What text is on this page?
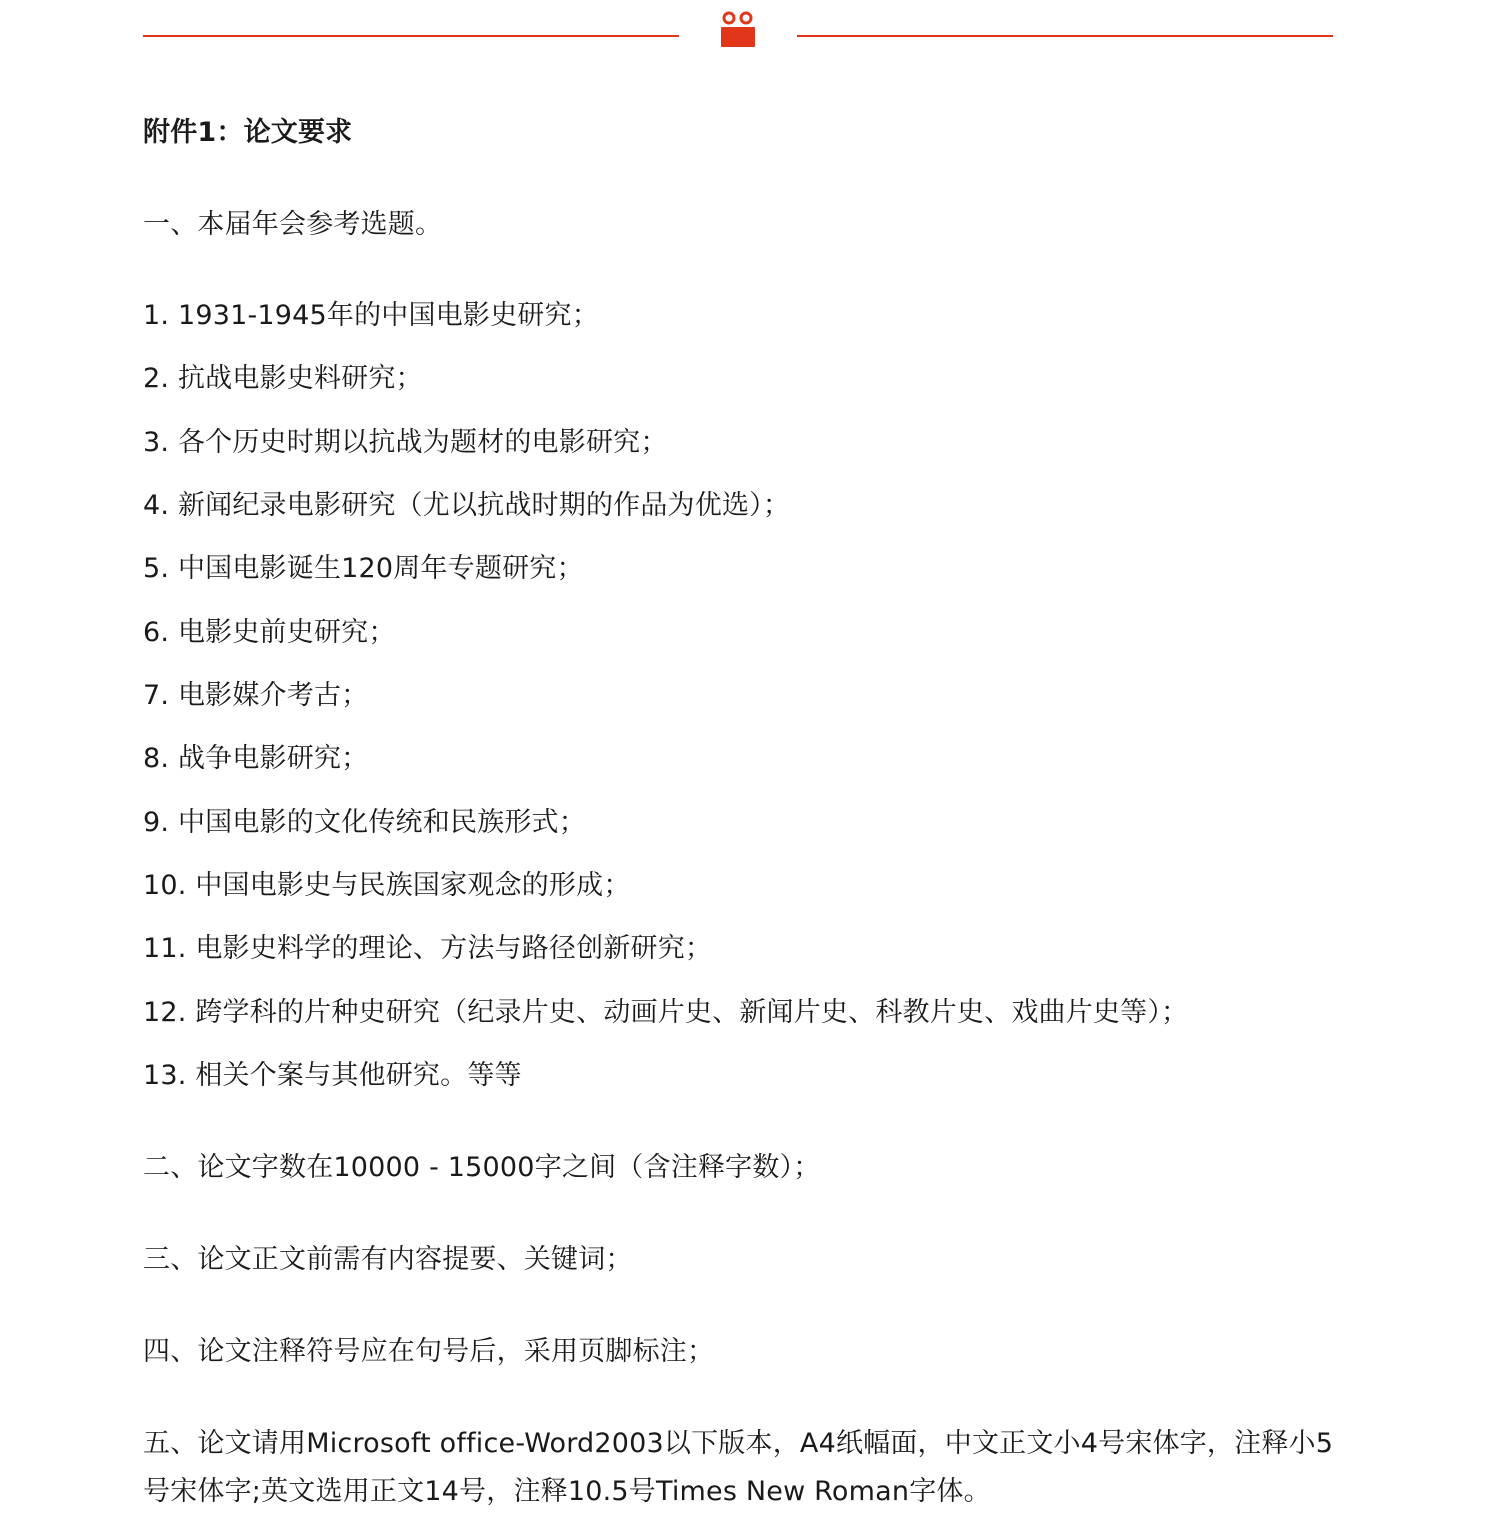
附件1：论文要求
一、本届年会参考选题。
1. 1931-1945年的中国电影史研究；
2. 抗战电影史料研究；
3. 各个历史时期以抗战为题材的电影研究；
4. 新闻纪录电影研究（尤以抗战时期的作品为优选）；
5. 中国电影诞生120周年专题研究；
6. 电影史前史研究；
7. 电影媒介考古；
8. 战争电影研究；
9. 中国电影的文化传统和民族形式；
10. 中国电影史与民族国家观念的形成；
11. 电影史料学的理论、方法与路径创新研究；
12. 跨学科的片种史研究（纪录片史、动画片史、新闻片史、科教片史、戏曲片史等）；
13. 相关个案与其他研究。等等
二、论文字数在10000 - 15000字之间（含注释字数）；
三、论文正文前需有内容提要、关键词；
四、论文注释符号应在句号后，采用页脚标注；
五、论文请用Microsoft office-Word2003以下版本，A4纸幅面，中文正文小4号宋体字，注释小5号宋体字;英文选用正文14号，注释10.5号Times New Roman字体。
